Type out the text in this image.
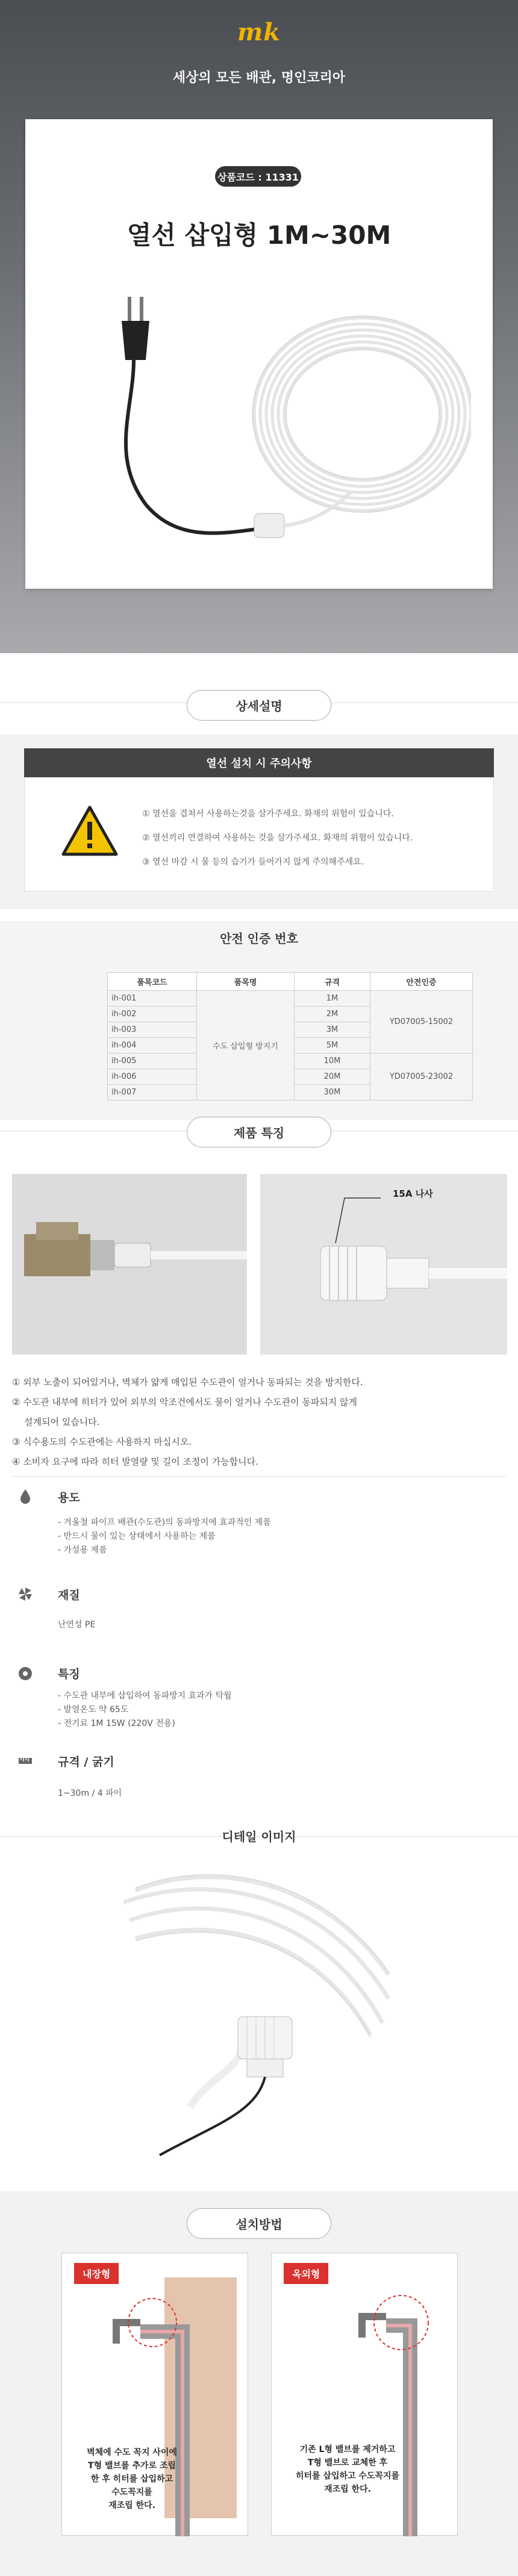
mk
세상의 모든 배관, 명인코리아
상품코드 : 11331
열선 삽입형 1M~30M
상세설명
열선 설치 시 주의사항
① 열선을 겹쳐서 사용하는것을 삼가주세요. 화재의 위험이 있습니다.
② 열선끼리 연결하여 사용하는 것을 삼가주세요. 화재의 위험이 있습니다.
③ 열선 마감 시 물 등의 습기가 들어가지 않게 주의해주세요.
안전 인증 번호
품목코드	품목명	규격	안전인증
ih-001	수도 삽입형 방지기	1M	YD07005-15002
ih-002		2M	
ih-003		3M	
ih-004		5M	
ih-005		10M	YD07005-23002
ih-006		20M	
ih-007		30M	
제품 특징
15A 나사
① 외부 노출이 되어있거나, 벽체가 얇게 매입된 수도관이 얼거나 동파되는 것을 방지한다.
② 수도관 내부에 히터가 있어 외부의 악조건에서도 물이 얼거나 수도관이 동파되지 않게
설계되어 있습니다.
③ 식수용도의 수도관에는 사용하지 마십시오.
④ 소비자 요구에 따라 히터 발열량 및 길이 조정이 가능합니다.
용도
- 겨울철 파이프 배관(수도관)의 동파방지에 효과적인 제품
- 반드시 물이 있는 상태에서 사용하는 제품
- 가설용 제품
재질
난연성 PE
특징
- 수도관 내부에 삽입하여 동파방지 효과가 탁월
- 발열온도 약 65도
- 전기료 1M 15W (220V 전용)
규격 / 굵기
1~30m / 4 파이
디테일 이미지
설치방법
내장형
벽체에 수도 꼭지 사이에
T형 밸브를 추가로 조립
한 후 히터를 삽입하고
수도꼭지를
재조립 한다.
옥외형
기존 L형 밸브를 제거하고
T형 밸브로 교체한 후
히터를 삽입하고 수도꼭지를
재조립 한다.
